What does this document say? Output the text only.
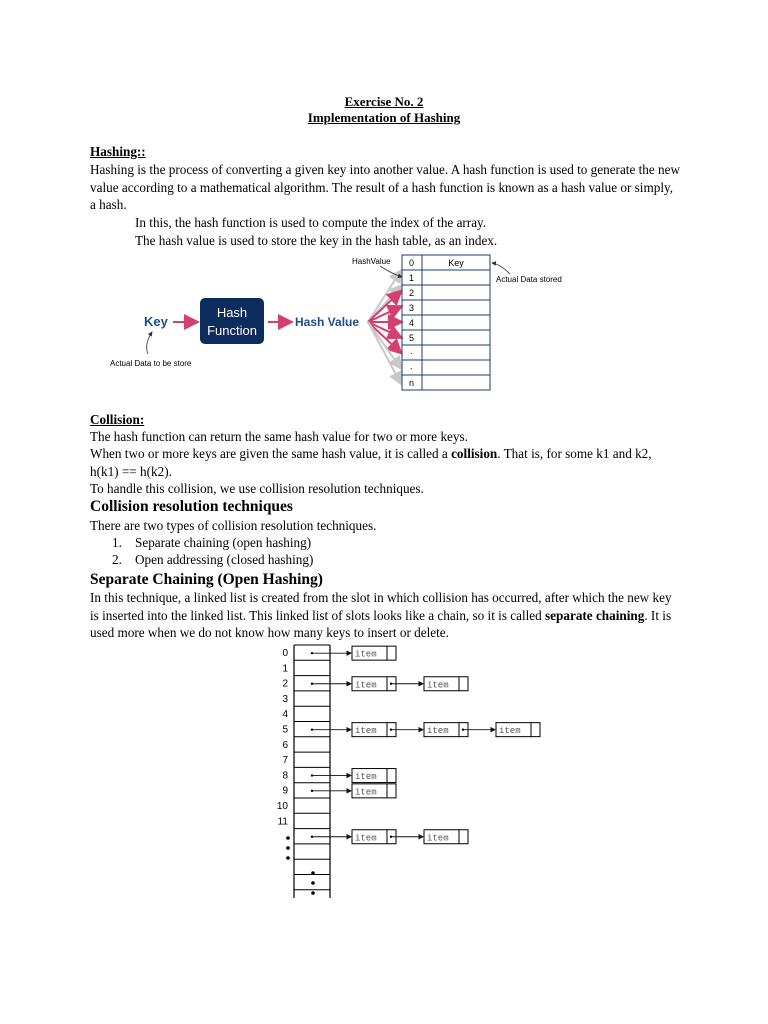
Exercise No. 2
Implementation of Hashing
Hashing::

Hashing is the process of converting a given key into another value. A hash function is used to generate the new value according to a mathematical algorithm. The result of a hash function is known as a hash value or simply, a hash.

In this, the hash function is used to compute the index of the array.

The hash value is used to store the key in the hash table, as an index.

Key
Hash
Function
Hash Value
0
1
2
3
4
5
.
.
n
Key
HashValue
Actual Data stored
Actual Data to be store
Collision:

The hash function can return the same hash value for two or more keys.

When two or more keys are given the same hash value, it is called a collision. That is, for some k1 and k2, h(k1) == h(k2).

To handle this collision, we use collision resolution techniques.

Collision resolution techniques

There are two types of collision resolution techniques.

1. Separate chaining (open hashing)
2. Open addressing (closed hashing)
Separate Chaining (Open Hashing)

In this technique, a linked list is created from the slot in which collision has occurred, after which the new key is inserted into the linked list. This linked list of slots looks like a chain, so it is called separate chaining. It is used more when we do not know how many keys to insert or delete.

0
1
2
3
4
5
6
7
8
9
10
11
item
item	item
item	item	item
item
item
item	item
